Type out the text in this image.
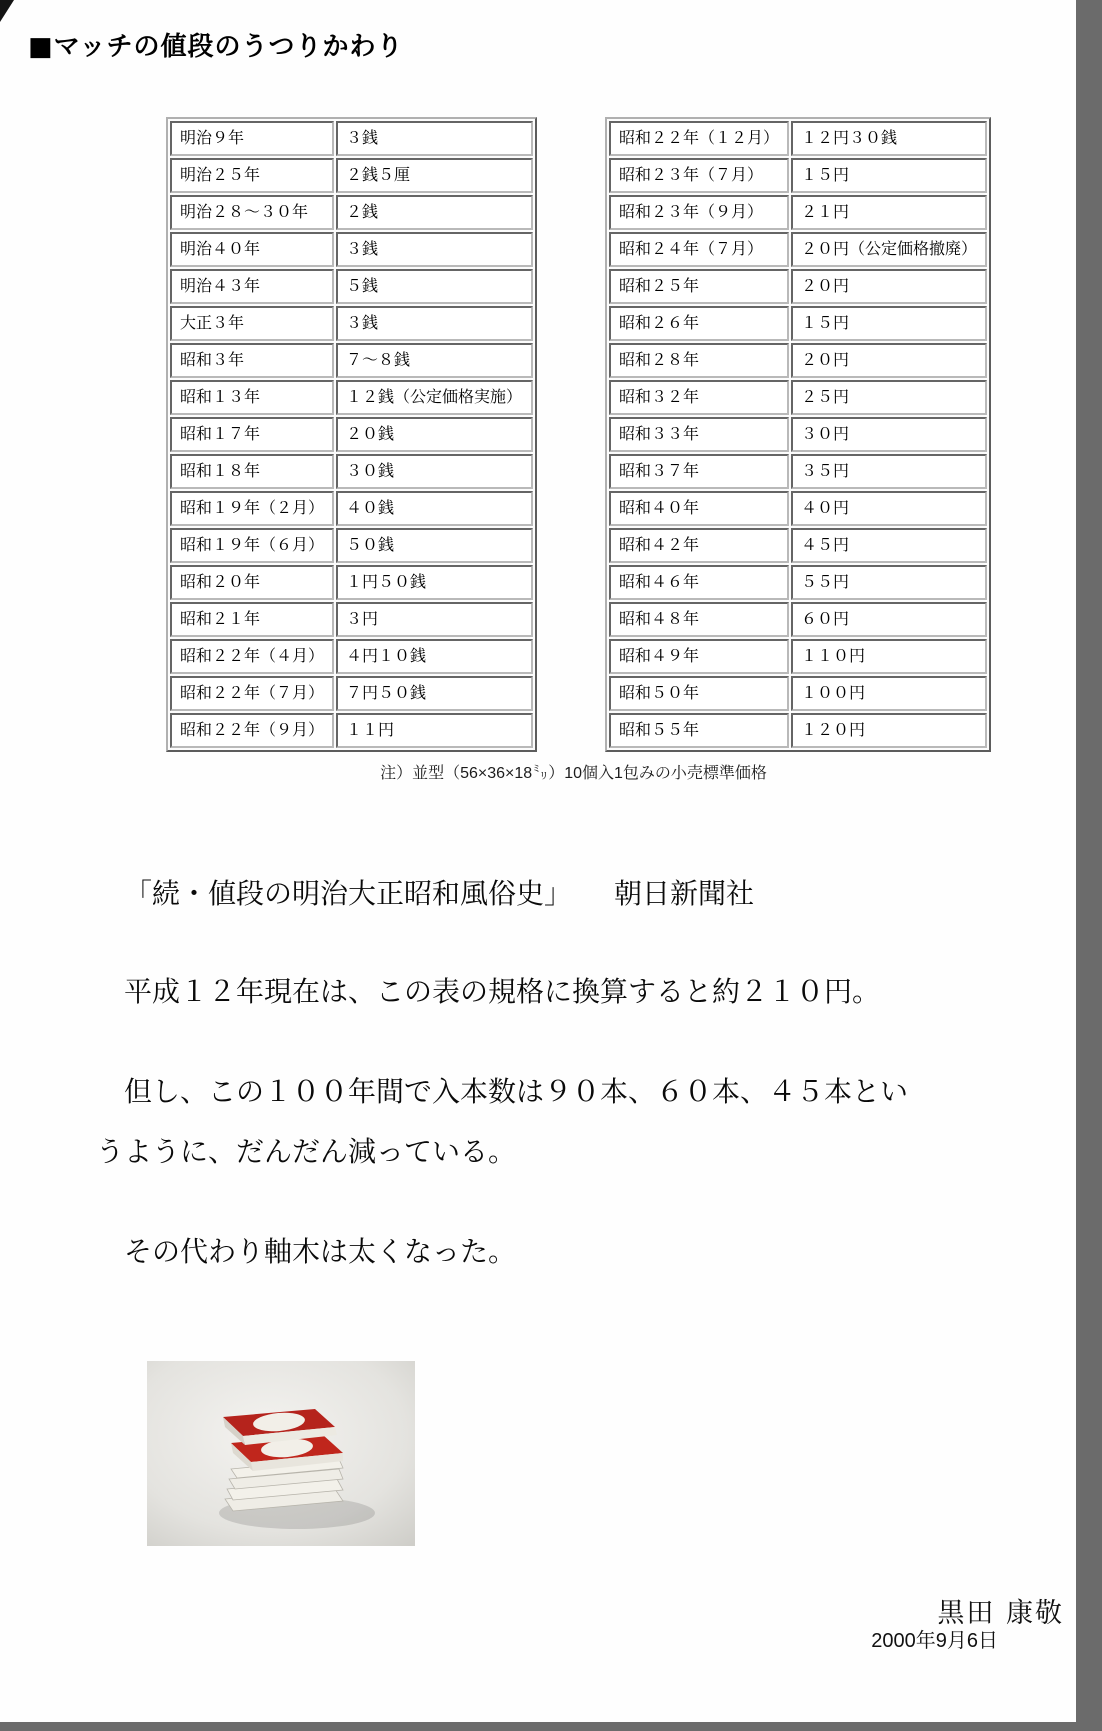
■マッチの値段のうつりかわり
明治９年	３銭
明治２５年	２銭５厘
明治２８～３０年	２銭
明治４０年	３銭
明治４３年	５銭
大正３年	３銭
昭和３年	７～８銭
昭和１３年	１２銭（公定価格実施）
昭和１７年	２０銭
昭和１８年	３０銭
昭和１９年（２月）	４０銭
昭和１９年（６月）	５０銭
昭和２０年	１円５０銭
昭和２１年	３円
昭和２２年（４月）	４円１０銭
昭和２２年（７月）	７円５０銭
昭和２２年（９月）	１１円
昭和２２年（１２月）	１２円３０銭
昭和２３年（７月）	１５円
昭和２３年（９月）	２１円
昭和２４年（７月）	２０円（公定価格撤廃）
昭和２５年	２０円
昭和２６年	１５円
昭和２８年	２０円
昭和３２年	２５円
昭和３３年	３０円
昭和３７年	３５円
昭和４０年	４０円
昭和４２年	４５円
昭和４６年	５５円
昭和４８年	６０円
昭和４９年	１１０円
昭和５０年	１００円
昭和５５年	１２０円
注）並型（56×36×18㍉）10個入1包みの小売標準価格

「続・値段の明治大正昭和風俗史」　　朝日新聞社

平成１２年現在は、この表の規格に換算すると約２１０円。

但し、この１００年間で入本数は９０本、６０本、４５本というように、だんだん減っている。

その代わり軸木は太くなった。

黒田 康敬
2000年9月6日
